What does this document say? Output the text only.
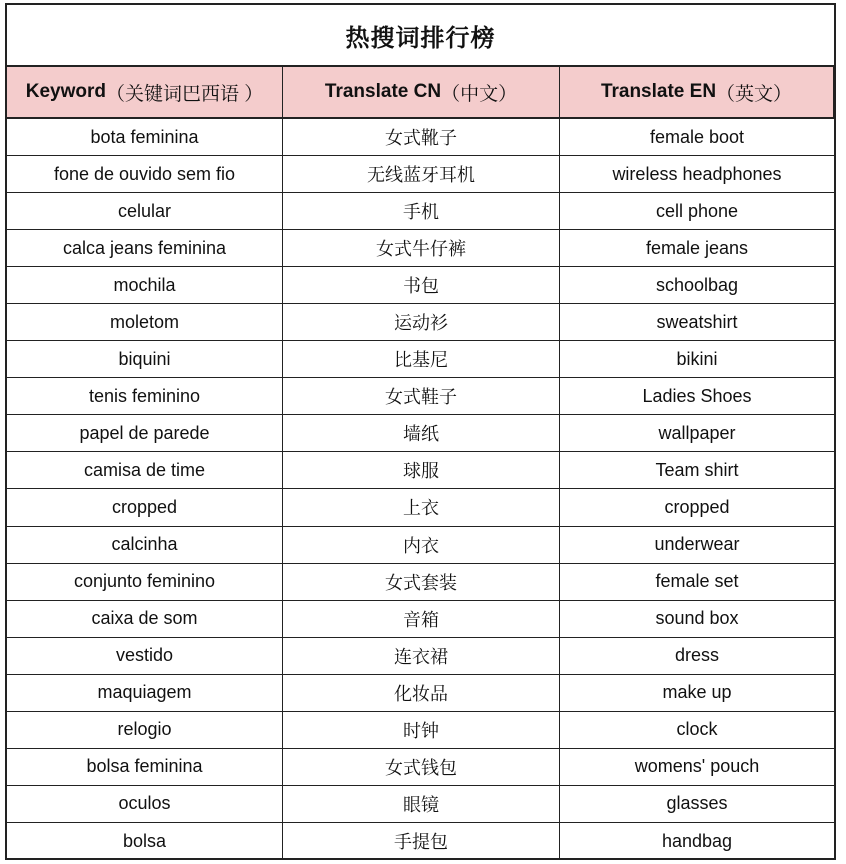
热搜词排行榜
Keyword （关键词巴西语 ）	Translate CN （中文）	Translate EN （英文）
bota feminina	女式靴子	female boot
fone de ouvido sem fio	无线蓝牙耳机	wireless headphones
celular	手机	cell phone
calca jeans feminina	女式牛仔裤	female jeans
mochila	书包	schoolbag
moletom	运动衫	sweatshirt
biquini	比基尼	bikini
tenis feminino	女式鞋子	Ladies Shoes
papel de parede	墙纸	wallpaper
camisa de time	球服	Team shirt
cropped	上衣	cropped
calcinha	内衣	underwear
conjunto feminino	女式套装	female set
caixa de som	音箱	sound box
vestido	连衣裙	dress
maquiagem	化妆品	make up
relogio	时钟	clock
bolsa feminina	女式钱包	womens' pouch
oculos	眼镜	glasses
bolsa	手提包	handbag
